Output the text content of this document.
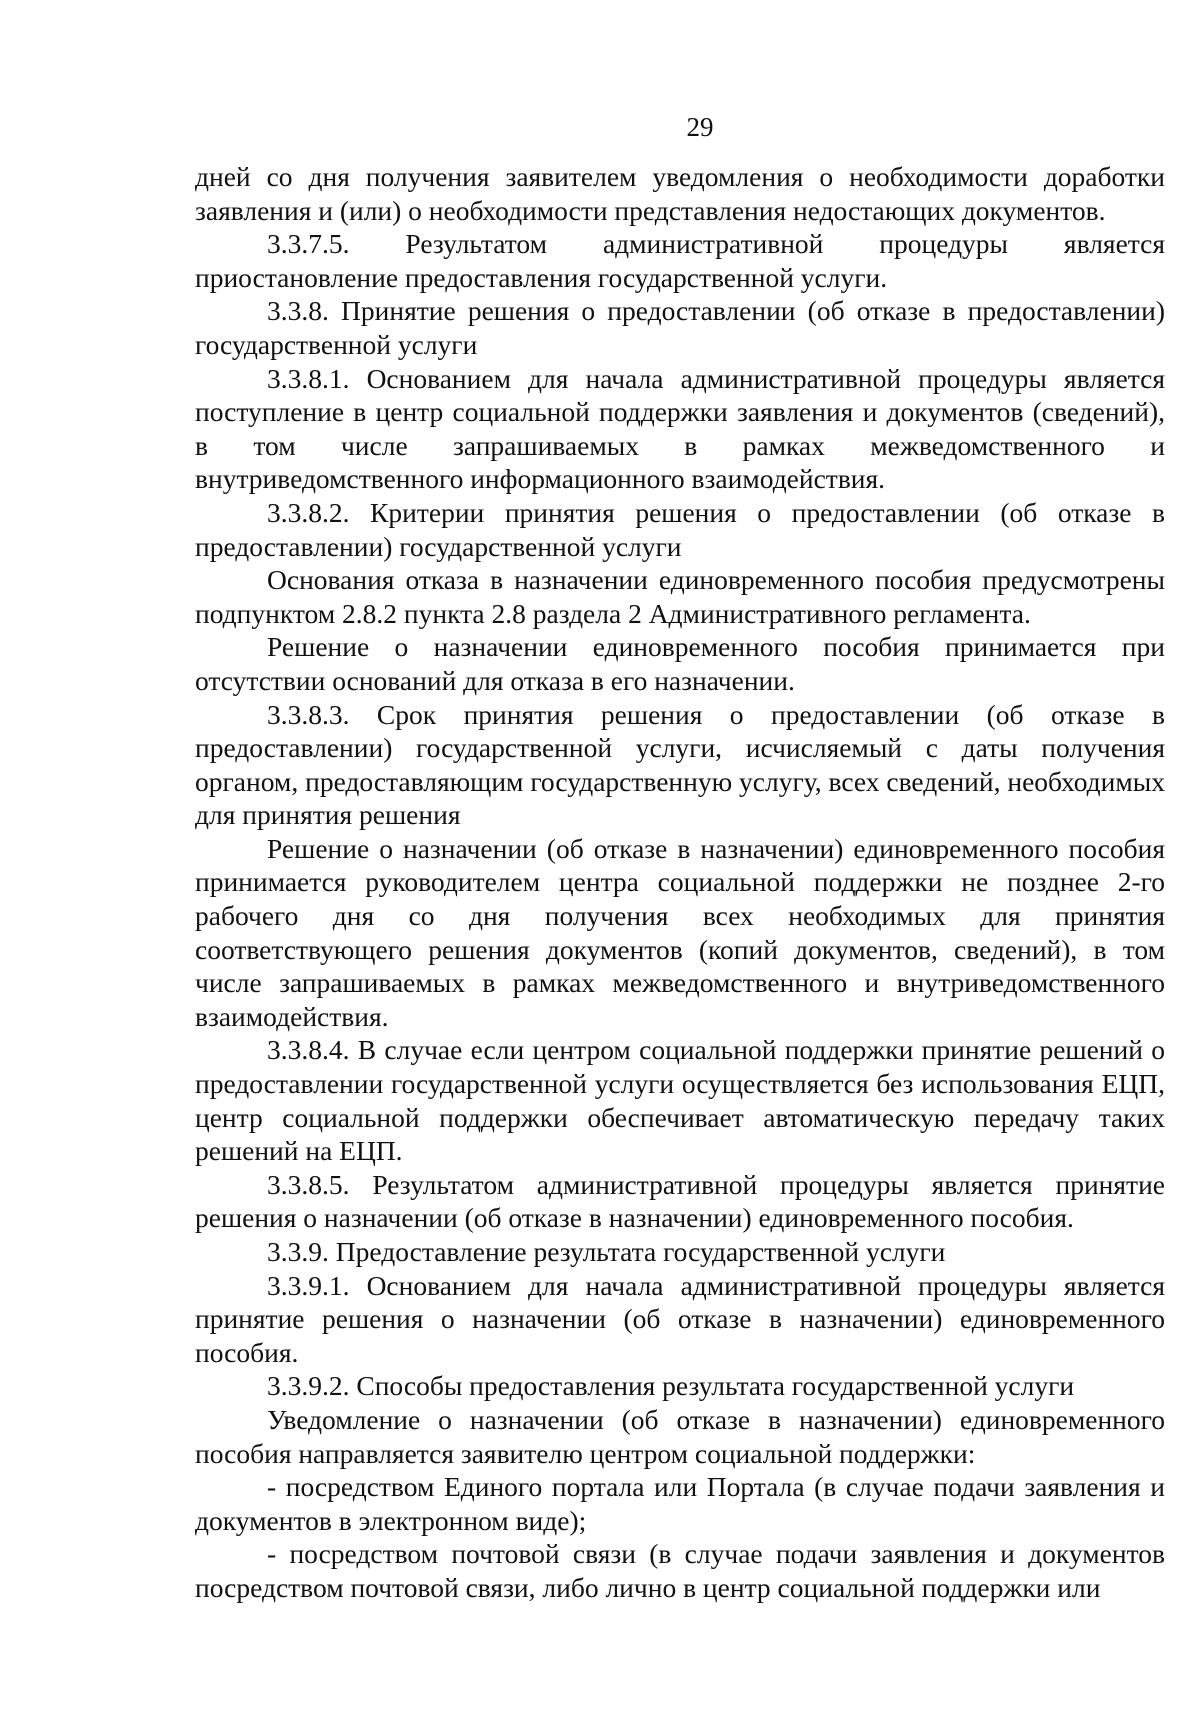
29

дней со дня получения заявителем уведомления о необходимости доработки заявления и (или) о необходимости представления недостающих документов.

3.3.7.5. Результатом административной процедуры является приостановление предоставления государственной услуги.

3.3.8. Принятие решения о предоставлении (об отказе в предоставлении) государственной услуги

3.3.8.1. Основанием для начала административной процедуры является поступление в центр социальной поддержки заявления и документов (сведений), в том числе запрашиваемых в рамках межведомственного и внутриведомственного информационного взаимодействия.

3.3.8.2. Критерии принятия решения о предоставлении (об отказе в предоставлении) государственной услуги

Основания отказа в назначении единовременного пособия предусмотрены подпунктом 2.8.2 пункта 2.8 раздела 2 Административного регламента.

Решение о назначении единовременного пособия принимается при отсутствии оснований для отказа в его назначении.

3.3.8.3. Срок принятия решения о предоставлении (об отказе в предоставлении) государственной услуги, исчисляемый с даты получения органом, предоставляющим государственную услугу, всех сведений, необходимых для принятия решения

Решение о назначении (об отказе в назначении) единовременного пособия принимается руководителем центра социальной поддержки не позднее 2-го рабочего дня со дня получения всех необходимых для принятия соответствующего решения документов (копий документов, сведений), в том числе запрашиваемых в рамках межведомственного и внутриведомственного взаимодействия.

3.3.8.4. В случае если центром социальной поддержки принятие решений о предоставлении государственной услуги осуществляется без использования ЕЦП, центр социальной поддержки обеспечивает автоматическую передачу таких решений на ЕЦП.

3.3.8.5. Результатом административной процедуры является принятие решения о назначении (об отказе в назначении) единовременного пособия.

3.3.9. Предоставление результата государственной услуги

3.3.9.1. Основанием для начала административной процедуры является принятие решения о назначении (об отказе в назначении) единовременного пособия.

3.3.9.2. Способы предоставления результата государственной услуги

Уведомление о назначении (об отказе в назначении) единовременного пособия направляется заявителю центром социальной поддержки:

- посредством Единого портала или Портала (в случае подачи заявления и документов в электронном виде);

- посредством почтовой связи (в случае подачи заявления и документов посредством почтовой связи, либо лично в центр социальной поддержки или
